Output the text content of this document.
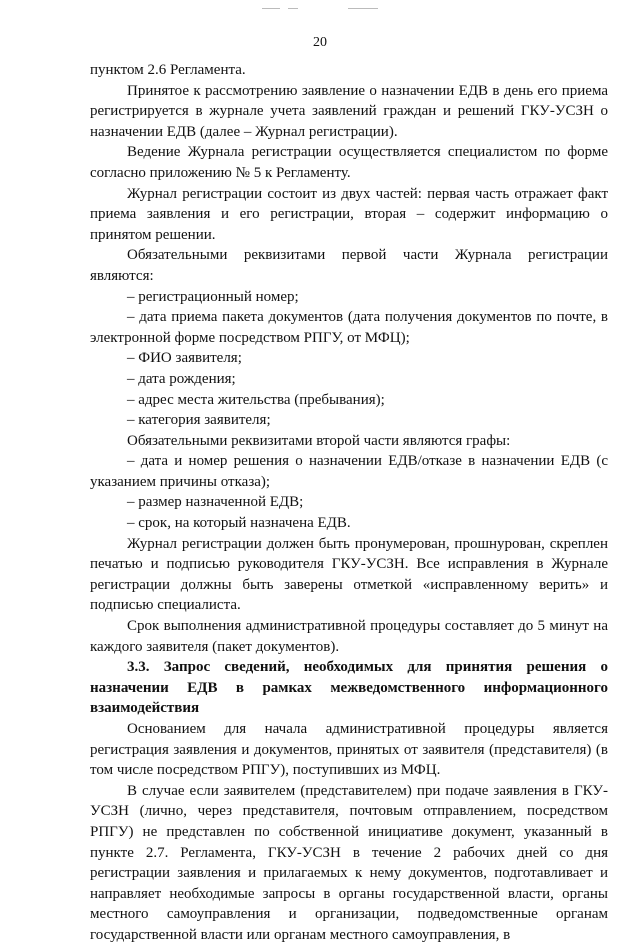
20

пунктом 2.6 Регламента.

Принятое к рассмотрению заявление о назначении ЕДВ в день его приема регистрируется в журнале учета заявлений граждан и решений ГКУ-УСЗН о назначении ЕДВ (далее – Журнал регистрации).

Ведение Журнала регистрации осуществляется специалистом по форме согласно приложению № 5 к Регламенту.

Журнал регистрации состоит из двух частей: первая часть отражает факт приема заявления и его регистрации, вторая – содержит информацию о принятом решении.

Обязательными реквизитами первой части Журнала регистрации являются:

– регистрационный номер;

– дата приема пакета документов (дата получения документов по почте, в электронной форме посредством РПГУ, от МФЦ);

– ФИО заявителя;

– дата рождения;

– адрес места жительства (пребывания);

– категория заявителя;

Обязательными реквизитами второй части являются графы:

– дата и номер решения о назначении ЕДВ/отказе в назначении ЕДВ (с указанием причины отказа);

– размер назначенной ЕДВ;

– срок, на который назначена ЕДВ.

Журнал регистрации должен быть пронумерован, прошнурован, скреплен печатью и подписью руководителя ГКУ-УСЗН. Все исправления в Журнале регистрации должны быть заверены отметкой «исправленному верить» и подписью специалиста.

Срок выполнения административной процедуры составляет до 5 минут на каждого заявителя (пакет документов).

3.3. Запрос сведений, необходимых для принятия решения о назначении ЕДВ в рамках межведомственного информационного взаимодействия

Основанием для начала административной процедуры является регистрация заявления и документов, принятых от заявителя (представителя) (в том числе посредством РПГУ), поступивших из МФЦ.

В случае если заявителем (представителем) при подаче заявления в ГКУ-УСЗН (лично, через представителя, почтовым отправлением, посредством РПГУ) не представлен по собственной инициативе документ, указанный в пункте 2.7. Регламента, ГКУ-УСЗН в течение 2 рабочих дней со дня регистрации заявления и прилагаемых к нему документов, подготавливает и направляет необходимые запросы в органы государственной власти, органы местного самоуправления и организации, подведомственные органам государственной власти или органам местного самоуправления, в
